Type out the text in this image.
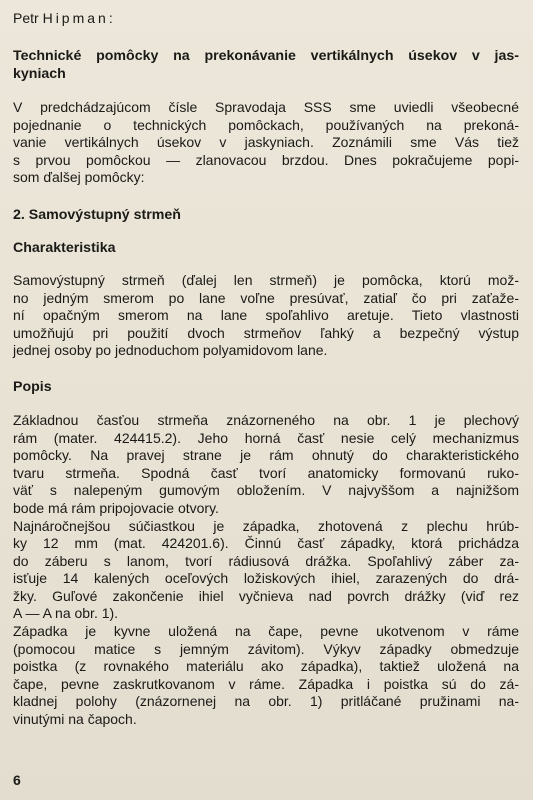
Petr Hipman:
Technické pomôcky na prekonávanie vertikálnych úsekov v jas-
kyniach
V predchádzajúcom čísle Spravodaja SSS sme uviedli všeobecné
pojednanie o technických pomôckach, používaných na prekoná-
vanie vertikálnych úsekov v jaskyniach. Zoznámili sme Vás tiež
s prvou pomôckou — zlanovacou brzdou. Dnes pokračujeme popi-
som ďalšej pomôcky:
2. Samovýstupný strmeň
Charakteristika
Samovýstupný strmeň (ďalej len strmeň) je pomôcka, ktorú mož-
no jedným smerom po lane voľne presúvať, zatiaľ čo pri zaťaže-
ní opačným smerom na lane spoľahlivo aretuje. Tieto vlastnosti
umožňujú pri použití dvoch strmeňov ľahký a bezpečný výstup
jednej osoby po jednoduchom polyamidovom lane.
Popis
Základnou časťou strmeňa znázorneného na obr. 1 je plechový
rám (mater. 424415.2). Jeho horná časť nesie celý mechanizmus
pomôcky. Na pravej strane je rám ohnutý do charakteristického
tvaru strmeňa. Spodná časť tvorí anatomicky formovanú ruko-
väť s nalepeným gumovým obložením. V najvyššom a najnižšom
bode má rám pripojovacie otvory.
Najnáročnejšou súčiastkou je západka, zhotovená z plechu hrúb-
ky 12 mm (mat. 424201.6). Činnú časť západky, ktorá prichádza
do záberu s lanom, tvorí rádiusová drážka. Spoľahlivý záber za-
isťuje 14 kalených oceľových ložiskových ihiel, zarazených do drá-
žky. Guľové zakončenie ihiel vyčnieva nad povrch drážky (viď rez
A — A na obr. 1).
Západka je kyvne uložená na čape, pevne ukotvenom v ráme
(pomocou matice s jemným závitom). Výkyv západky obmedzuje
poistka (z rovnakého materiálu ako západka), taktiež uložená na
čape, pevne zaskrutkovanom v ráme. Západka i poistka sú do zá-
kladnej polohy (znázornenej na obr. 1) pritláčané pružinami na-
vinutými na čapoch.
6
